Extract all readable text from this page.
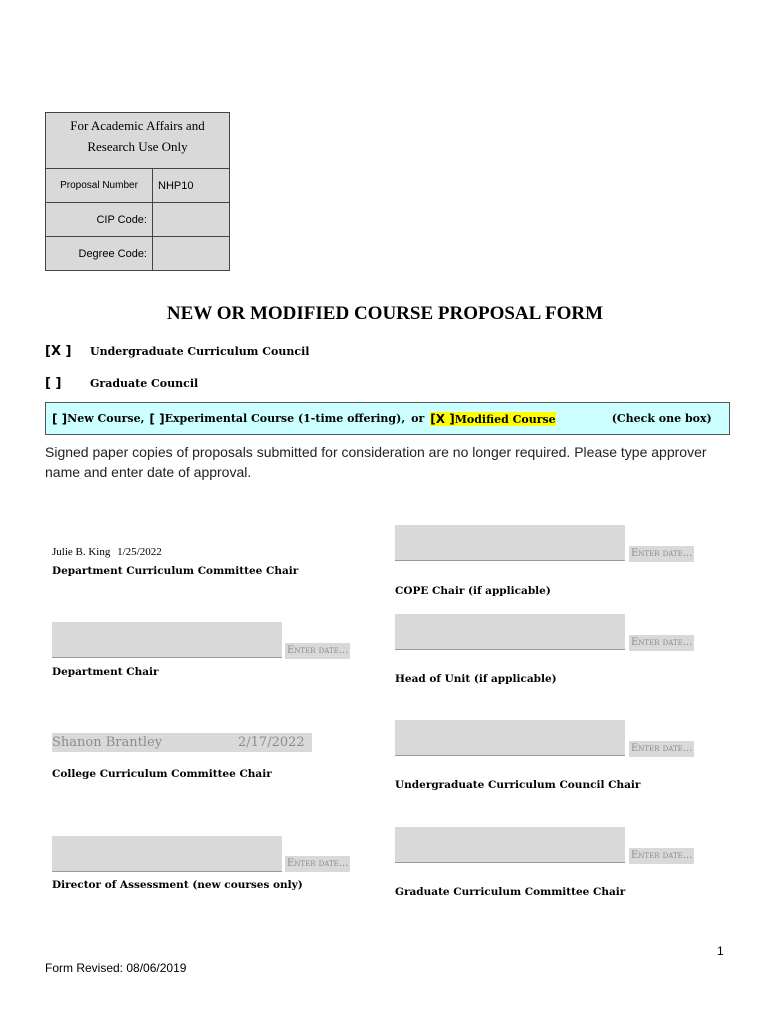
For Academic Affairs and Research Use Only
Proposal Number	NHP10
CIP Code:
Degree Code:
NEW OR MODIFIED COURSE PROPOSAL FORM
[X ] Undergraduate Curriculum Council
[ ]	Graduate Council
[ ] New Course, [ ] Experimental Course (1-time offering), or [X ]Modified Course	(Check one box)
Signed paper copies of proposals submitted for consideration are no longer required. Please type approver name and enter date of approval.
Julie B. King 1/25/2022
Department Curriculum Committee Chair
Enter date...
Department Chair
Shanon Brantley	2/17/2022
College Curriculum Committee Chair
Enter date...
Director of Assessment (new courses only)
Enter date...
COPE Chair (if applicable)
Enter date...
Head of Unit (if applicable)
Enter date...
Undergraduate Curriculum Council Chair
Enter date...
Graduate Curriculum Committee Chair
1
Form Revised: 08/06/2019
